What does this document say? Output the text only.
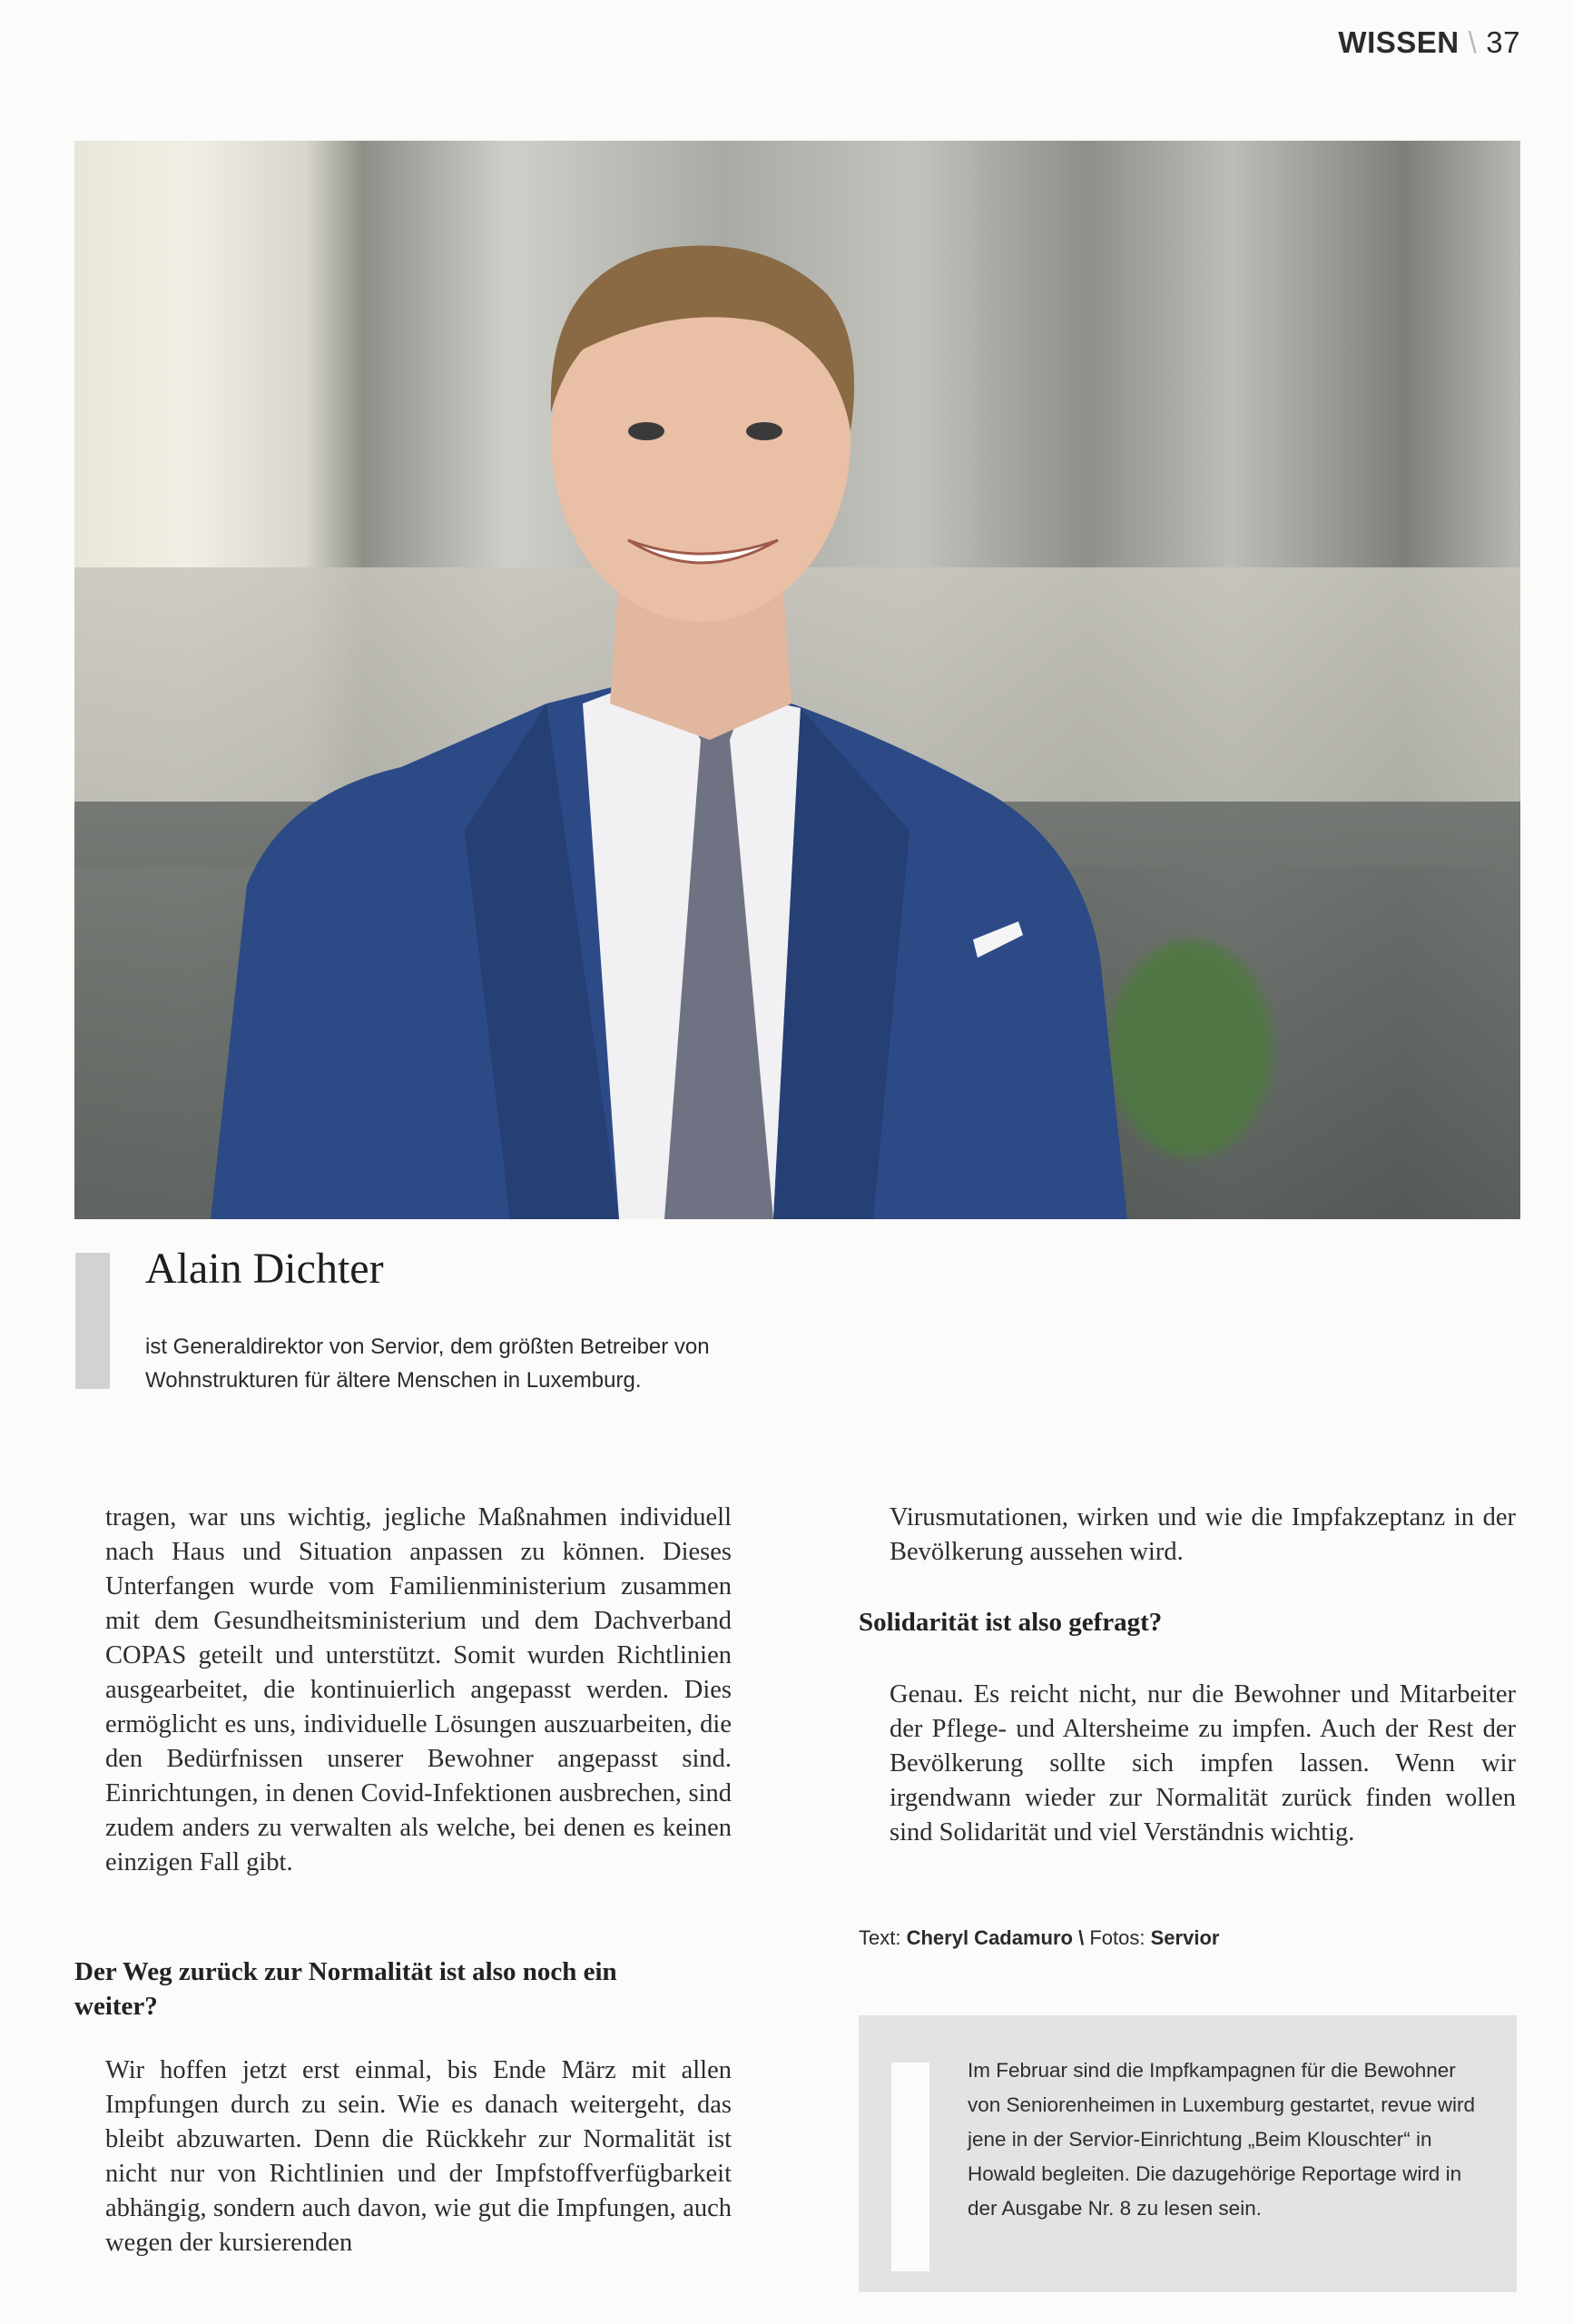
WISSEN \ 37
Alain Dichter
ist Generaldirektor von Servior, dem größten Betreiber von Wohnstrukturen für ältere Menschen in Luxemburg.
tragen, war uns wichtig, jegliche Maßnahmen individuell nach Haus und Situation anpassen zu können. Dieses Unterfangen wurde vom Familienministerium zusammen mit dem Gesundheitsministerium und dem Dachverband COPAS geteilt und unterstützt. Somit wurden Richtlinien ausgearbeitet, die kontinuierlich angepasst werden. Dies ermöglicht es uns, individuelle Lösungen auszuarbeiten, die den Bedürfnissen unserer Bewohner angepasst sind. Einrichtungen, in denen Covid-Infektionen ausbrechen, sind zudem anders zu verwalten als welche, bei denen es keinen einzigen Fall gibt.
Der Weg zurück zur Normalität ist also noch ein weiter?
Wir hoffen jetzt erst einmal, bis Ende März mit allen Impfungen durch zu sein. Wie es danach weitergeht, das bleibt abzuwarten. Denn die Rückkehr zur Normalität ist nicht nur von Richtlinien und der Impfstoffverfügbarkeit abhängig, sondern auch davon, wie gut die Impfungen, auch wegen der kursierenden
Virusmutationen, wirken und wie die Impfakzeptanz in der Bevölkerung aussehen wird.
Solidarität ist also gefragt?
Genau. Es reicht nicht, nur die Bewohner und Mitarbeiter der Pflege- und Altersheime zu impfen. Auch der Rest der Bevölkerung sollte sich impfen lassen. Wenn wir irgendwann wieder zur Normalität zurück finden wollen sind Solidarität und viel Verständnis wichtig.
Text: Cheryl Cadamuro \ Fotos: Servior
Im Februar sind die Impfkampagnen für die Bewohner von Seniorenheimen in Luxemburg gestartet, revue wird jene in der Servior-Einrichtung „Beim Klouschter“ in Howald begleiten. Die dazugehörige Reportage wird in der Ausgabe Nr. 8 zu lesen sein.
